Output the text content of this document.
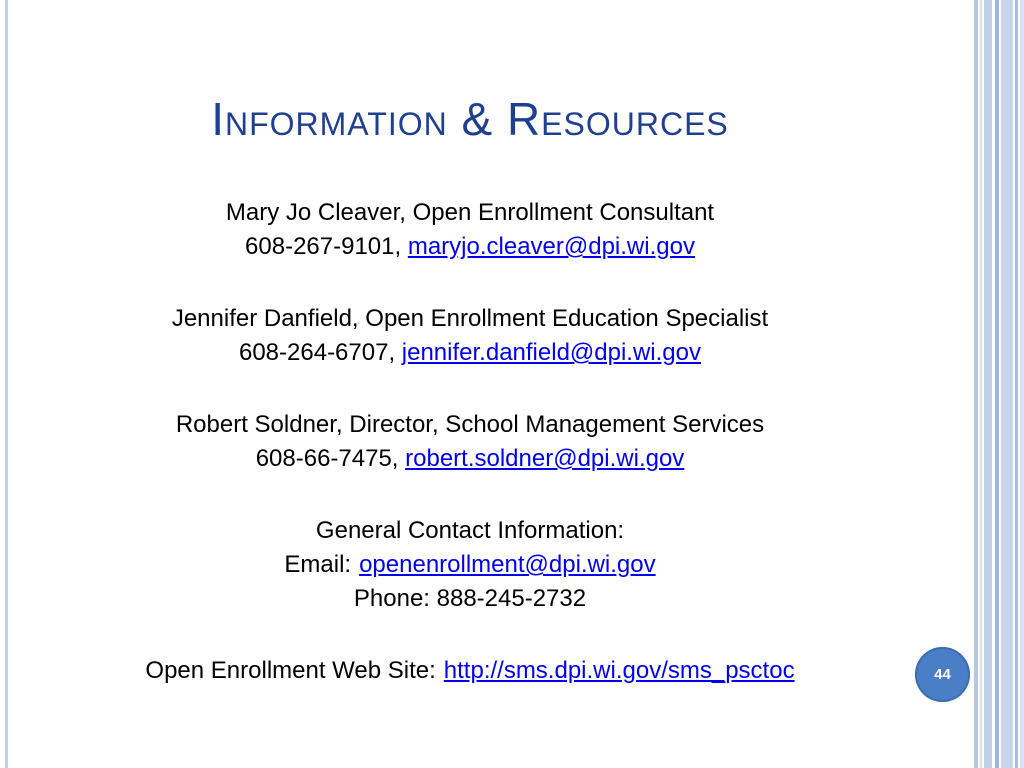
Information & Resources
Mary Jo Cleaver, Open Enrollment Consultant
608-267-9101, maryjo.cleaver@dpi.wi.gov
Jennifer Danfield, Open Enrollment Education Specialist
608-264-6707, jennifer.danfield@dpi.wi.gov
Robert Soldner, Director, School Management Services
608-66-7475, robert.soldner@dpi.wi.gov
General Contact Information:
Email: openenrollment@dpi.wi.gov
Phone: 888-245-2732
Open Enrollment Web Site: http://sms.dpi.wi.gov/sms_psctoc	44
